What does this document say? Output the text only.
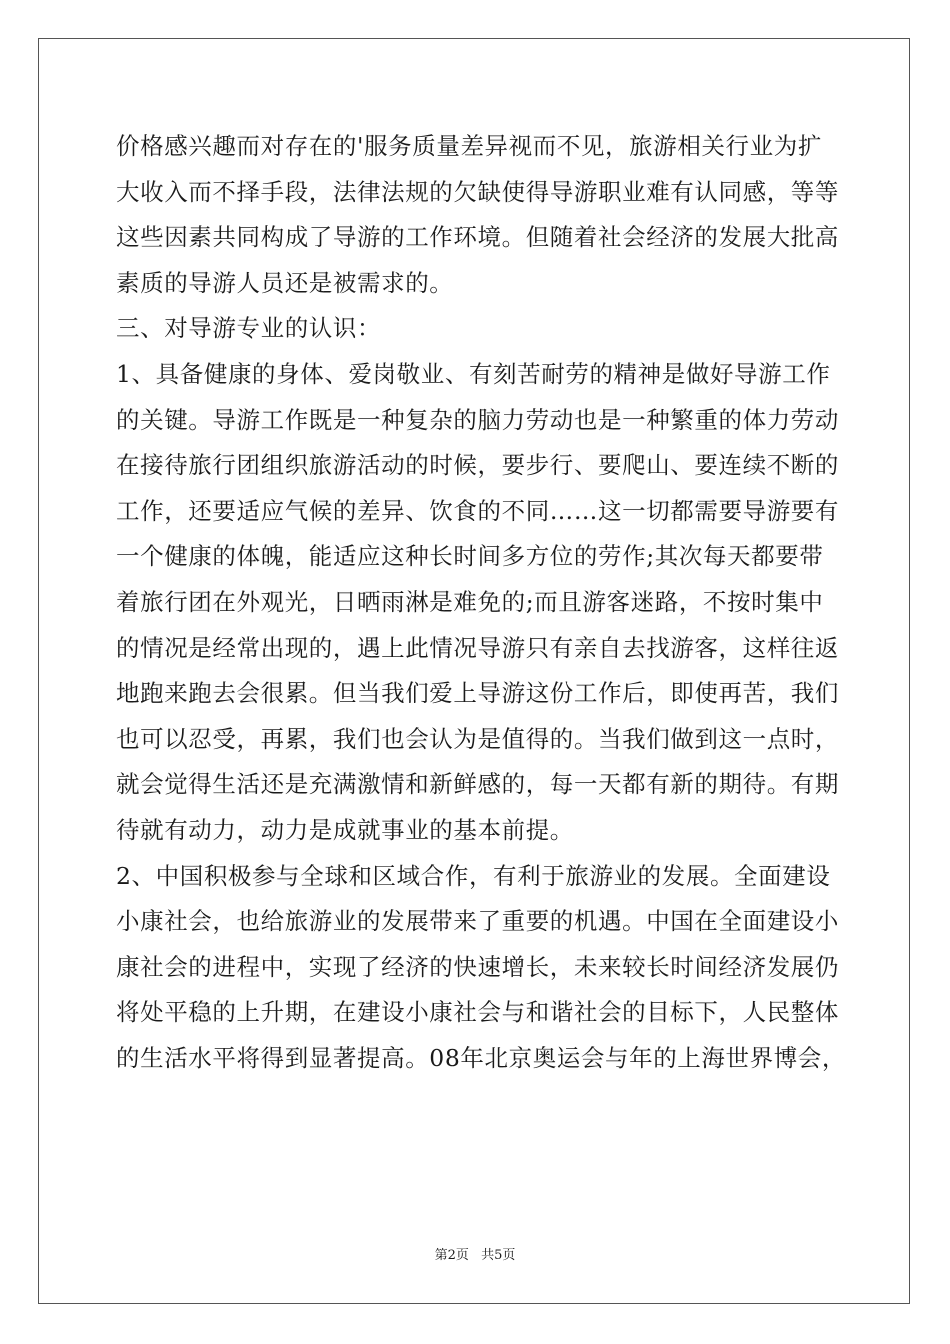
价格感兴趣而对存在的'服务质量差异视而不见，旅游相关行业为扩
大收入而不择手段，法律法规的欠缺使得导游职业难有认同感，等等
这些因素共同构成了导游的工作环境。但随着社会经济的发展大批高
素质的导游人员还是被需求的。
三、对导游专业的认识：
1、具备健康的身体、爱岗敬业、有刻苦耐劳的精神是做好导游工作
的关键。导游工作既是一种复杂的脑力劳动也是一种繁重的体力劳动
在接待旅行团组织旅游活动的时候，要步行、要爬山、要连续不断的
工作，还要适应气候的差异、饮食的不同……这一切都需要导游要有
一个健康的体魄，能适应这种长时间多方位的劳作;其次每天都要带
着旅行团在外观光，日晒雨淋是难免的;而且游客迷路，不按时集中
的情况是经常出现的，遇上此情况导游只有亲自去找游客，这样往返
地跑来跑去会很累。但当我们爱上导游这份工作后，即使再苦，我们
也可以忍受，再累，我们也会认为是值得的。当我们做到这一点时，
就会觉得生活还是充满激情和新鲜感的，每一天都有新的期待。有期
待就有动力，动力是成就事业的基本前提。
2、中国积极参与全球和区域合作，有利于旅游业的发展。全面建设
小康社会，也给旅游业的发展带来了重要的机遇。中国在全面建设小
康社会的进程中，实现了经济的快速增长，未来较长时间经济发展仍
将处平稳的上升期，在建设小康社会与和谐社会的目标下，人民整体
的生活水平将得到显著提高。08年北京奥运会与年的上海世界博会，
第2页 共5页
